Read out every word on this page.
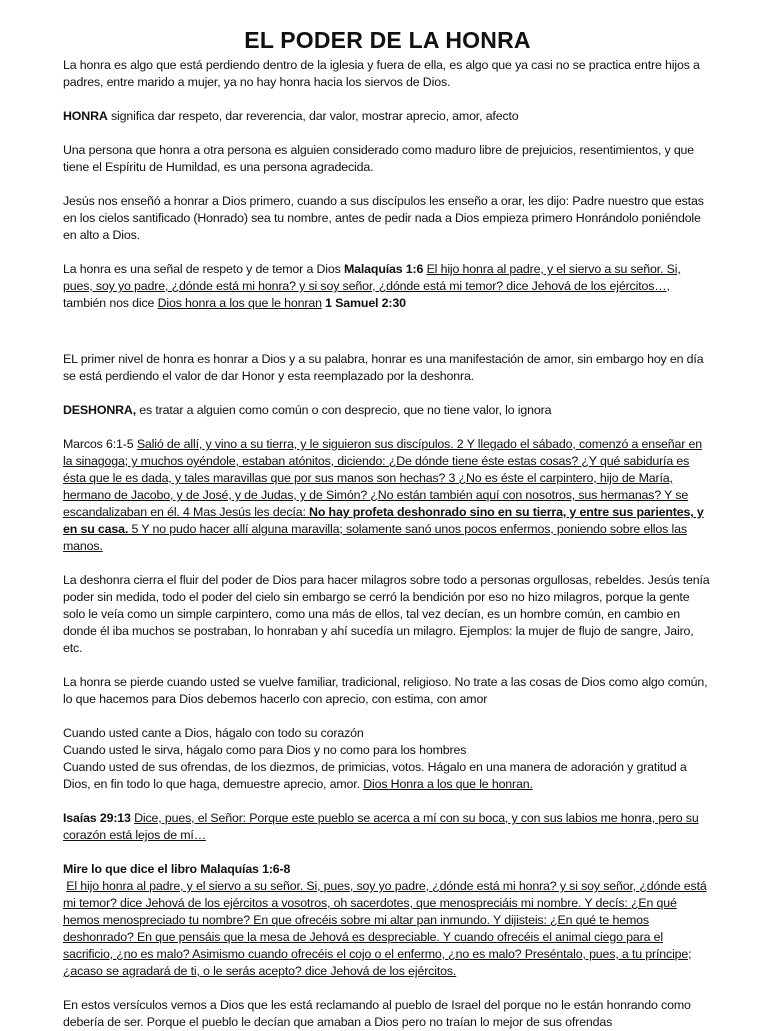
EL PODER DE LA HONRA

La honra es algo que está perdiendo dentro de la iglesia y fuera de ella, es algo que ya casi no se practica entre hijos a padres, entre marido a mujer, ya no hay honra hacia los siervos de Dios.

HONRA significa dar respeto, dar reverencia, dar valor, mostrar aprecio, amor, afecto

Una persona que honra a otra persona es alguien considerado como maduro libre de prejuicios, resentimientos, y que tiene el Espíritu de Humildad, es una persona agradecida.

Jesús nos enseñó a honrar a Dios primero, cuando a sus discípulos les enseño a orar, les dijo: Padre nuestro que estas en los cielos santificado (Honrado) sea tu nombre, antes de pedir nada a Dios empieza primero Honrándolo poniéndole en alto a Dios.

La honra es una señal de respeto y de temor a Dios Malaquías 1:6 El hijo honra al padre, y el siervo a su señor. Si, pues, soy yo padre, ¿dónde está mi honra? y si soy señor, ¿dónde está mi temor? dice Jehová de los ejércitos…, también nos dice Dios honra a los que le honran 1 Samuel 2:30

EL primer nivel de honra es honrar a Dios y a su palabra, honrar es una manifestación de amor, sin embargo hoy en día se está perdiendo el valor de dar Honor y esta reemplazado por la deshonra.

DESHONRA, es tratar a alguien como común o con desprecio, que no tiene valor, lo ignora

Marcos 6:1-5 Salió de allí, y vino a su tierra, y le siguieron sus discípulos. 2 Y llegado el sábado, comenzó a enseñar en la sinagoga; y muchos oyéndole, estaban atónitos, diciendo: ¿De dónde tiene éste estas cosas? ¿Y qué sabiduría es ésta que le es dada, y tales maravillas que por sus manos son hechas? 3 ¿No es éste el carpintero, hijo de María, hermano de Jacobo, y de José, y de Judas, y de Simón? ¿No están también aquí con nosotros, sus hermanas? Y se escandalizaban en él. 4 Mas Jesús les decía: No hay profeta deshonrado sino en su tierra, y entre sus parientes, y en su casa. 5 Y no pudo hacer allí alguna maravilla; solamente sanó unos pocos enfermos, poniendo sobre ellos las manos.

La deshonra cierra el fluir del poder de Dios para hacer milagros sobre todo a personas orgullosas, rebeldes. Jesús tenía poder sin medida, todo el poder del cielo sin embargo se cerró la bendición por eso no hizo milagros, porque la gente solo le veía como un simple carpintero, como una más de ellos, tal vez decían, es un hombre común, en cambio en donde él iba muchos se postraban, lo honraban y ahí sucedía un milagro. Ejemplos: la mujer de flujo de sangre, Jairo, etc.

La honra se pierde cuando usted se vuelve familiar, tradicional, religioso. No trate a las cosas de Dios como algo común, lo que hacemos para Dios debemos hacerlo con aprecio, con estima, con amor

Cuando usted cante a Dios, hágalo con todo su corazón

Cuando usted le sirva, hágalo como para Dios y no como para los hombres

Cuando usted de sus ofrendas, de los diezmos, de primicias, votos. Hágalo en una manera de adoración y gratitud a Dios, en fin todo lo que haga, demuestre aprecio, amor. Dios Honra a los que le honran.

Isaías 29:13 Dice, pues, el Señor: Porque este pueblo se acerca a mí con su boca, y con sus labios me honra, pero su corazón está lejos de mí…

Mire lo que dice el libro Malaquías 1:6-8

El hijo honra al padre, y el siervo a su señor. Si, pues, soy yo padre, ¿dónde está mi honra? y si soy señor, ¿dónde está mi temor? dice Jehová de los ejércitos a vosotros, oh sacerdotes, que menospreciáis mi nombre. Y decís: ¿En qué hemos menospreciado tu nombre? En que ofrecéis sobre mi altar pan inmundo. Y dijisteis: ¿En qué te hemos deshonrado? En que pensáis que la mesa de Jehová es despreciable. Y cuando ofrecéis el animal ciego para el sacrificio, ¿no es malo? Asimismo cuando ofrecéis el cojo o el enfermo, ¿no es malo? Preséntalo, pues, a tu príncipe; ¿acaso se agradará de ti, o le serás acepto? dice Jehová de los ejércitos.

En estos versículos vemos a Dios que les está reclamando al pueblo de Israel del porque no le están honrando como debería de ser. Porque el pueblo le decían que amaban a Dios pero no traían lo mejor de sus ofrendas
